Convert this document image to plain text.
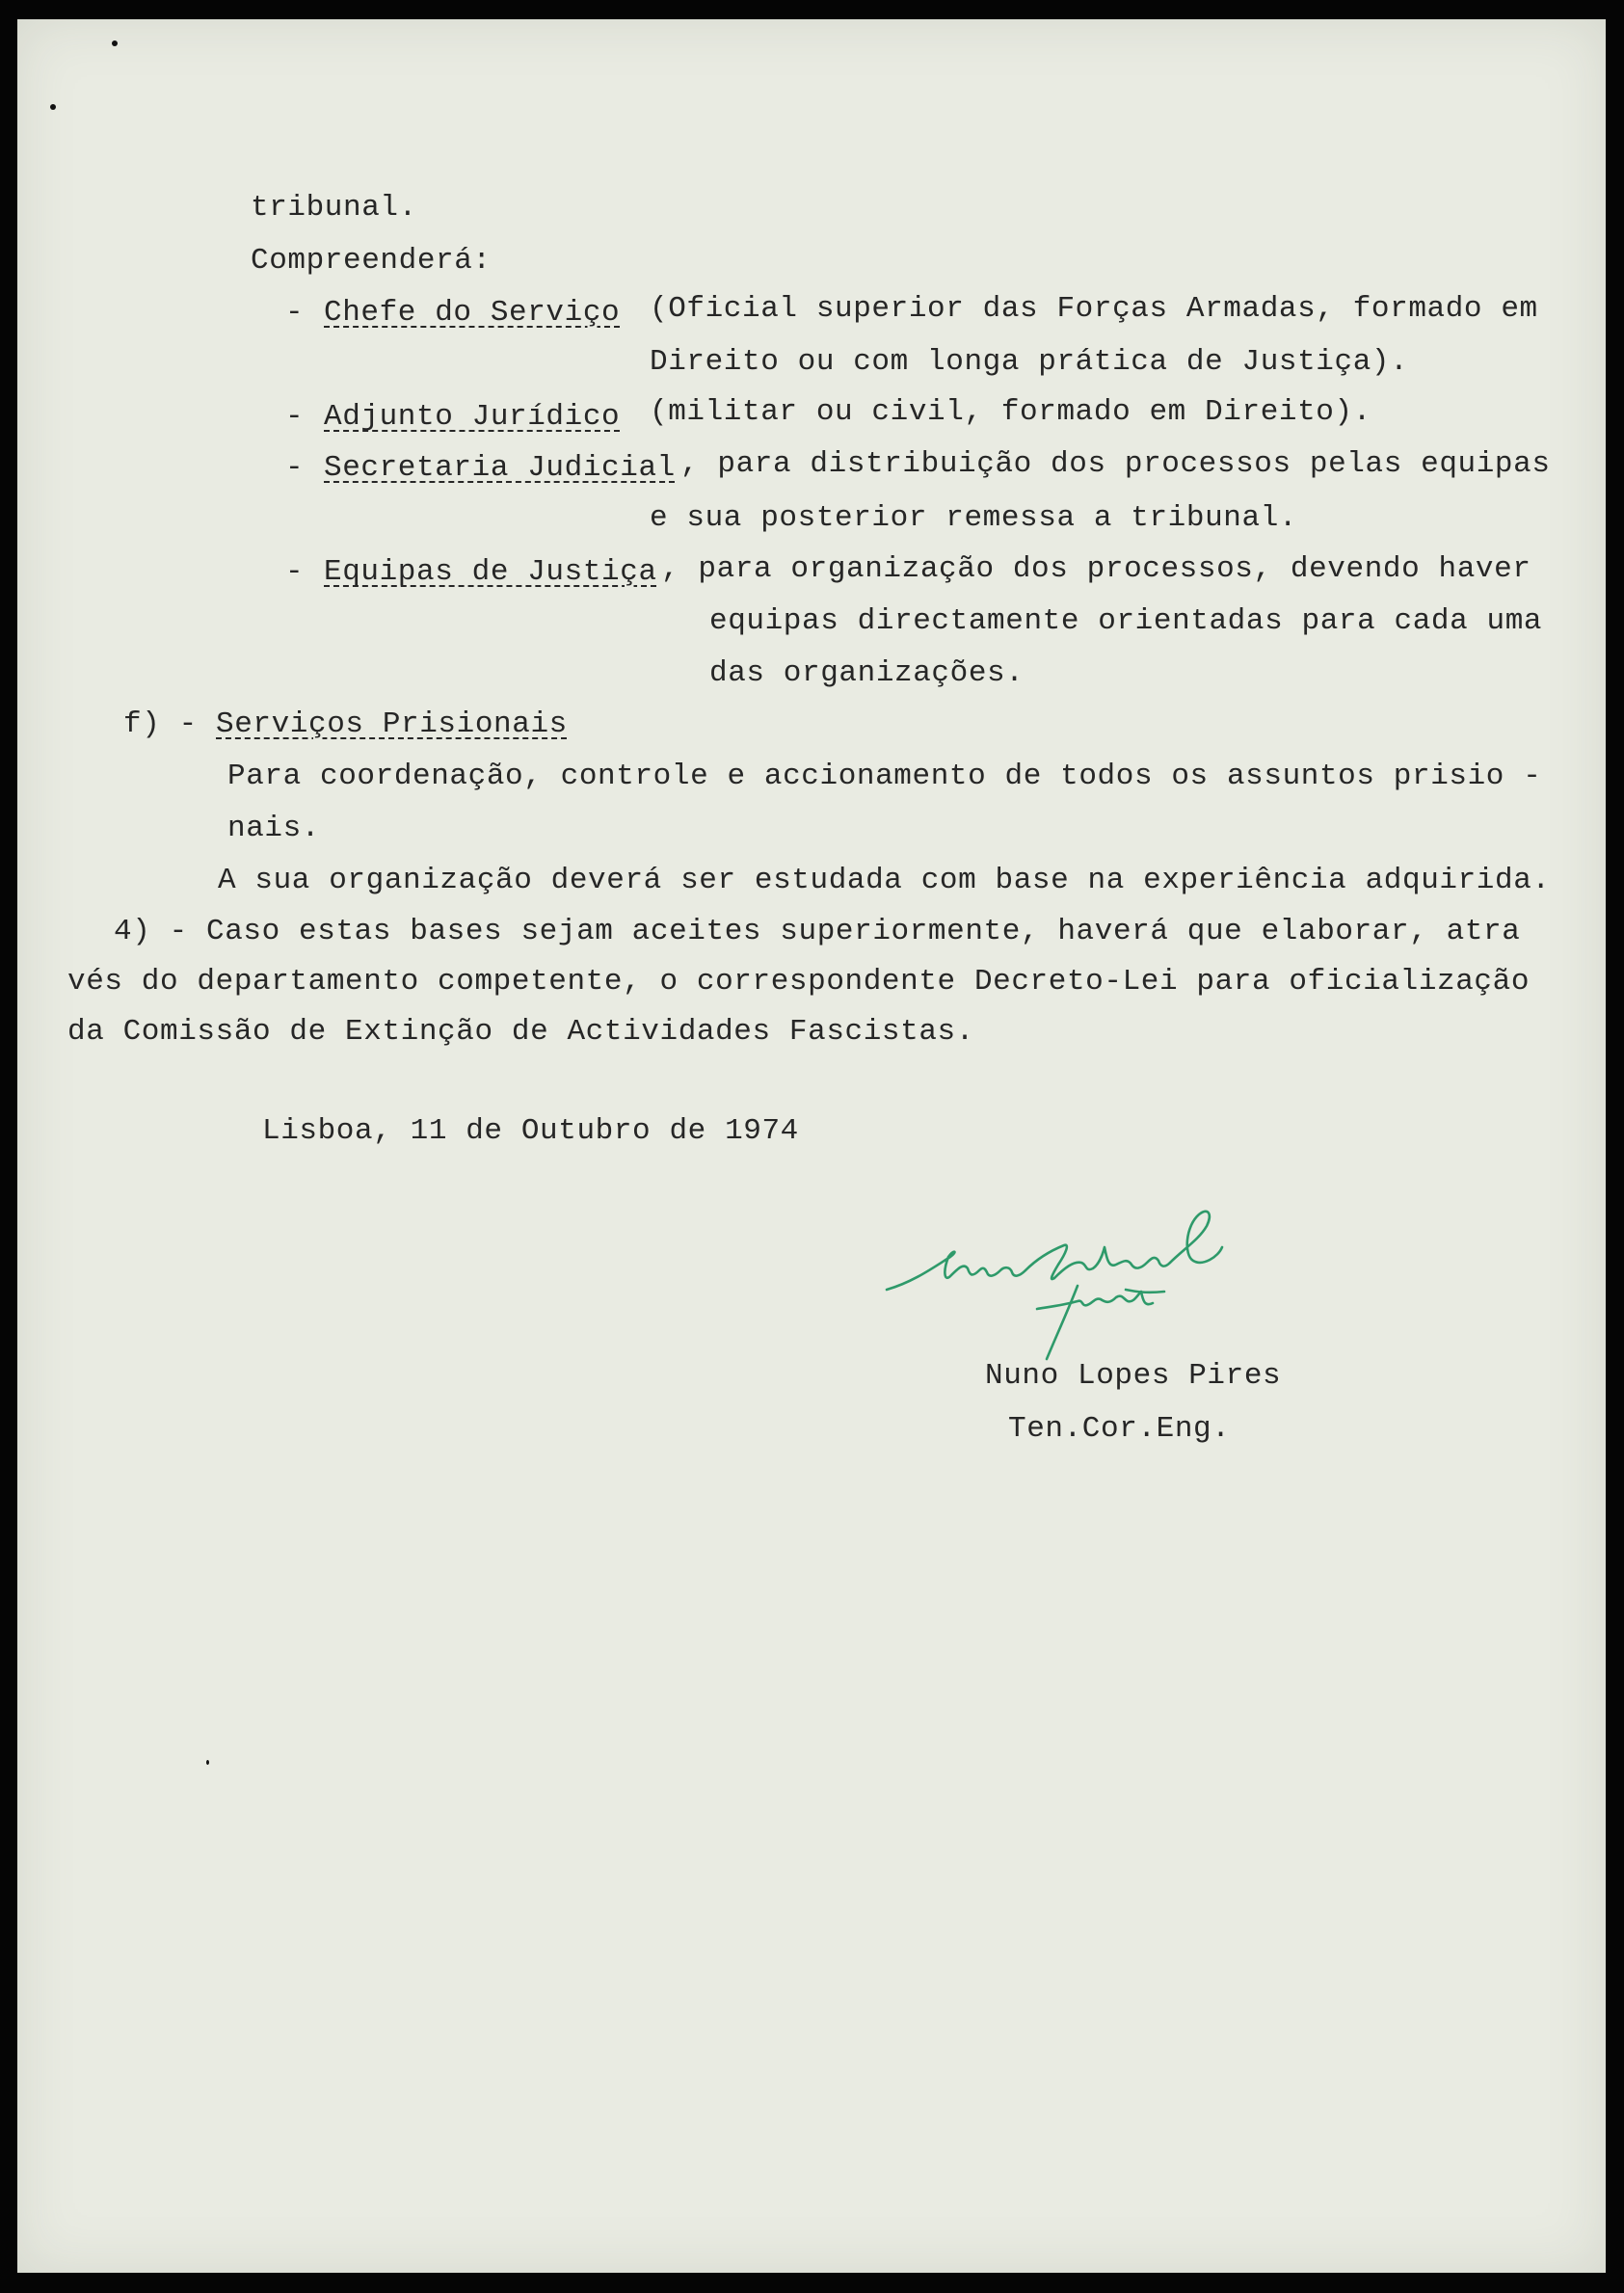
tribunal.
Compreenderá:
- Chefe do Serviço (Oficial superior das Forças Armadas, formado em
Direito ou com longa prática de Justiça).
- Adjunto Jurídico (militar ou civil, formado em Direito).
- Secretaria Judicial , para distribuição dos processos pelas equipas
e sua posterior remessa a tribunal.
- Equipas de Justiça , para organização dos processos, devendo haver
equipas directamente orientadas para cada uma
das organizações.
f) - Serviços Prisionais
Para coordenação, controle e accionamento de todos os assuntos prisio -
nais.
A sua organização deverá ser estudada com base na experiência adquirida.
4) - Caso estas bases sejam aceites superiormente, haverá que elaborar, atra
vés do departamento competente, o correspondente Decreto-Lei para oficialização
da Comissão de Extinção de Actividades Fascistas.
Lisboa, 11 de Outubro de 1974
Nuno Lopes Pires
Ten.Cor.Eng.
